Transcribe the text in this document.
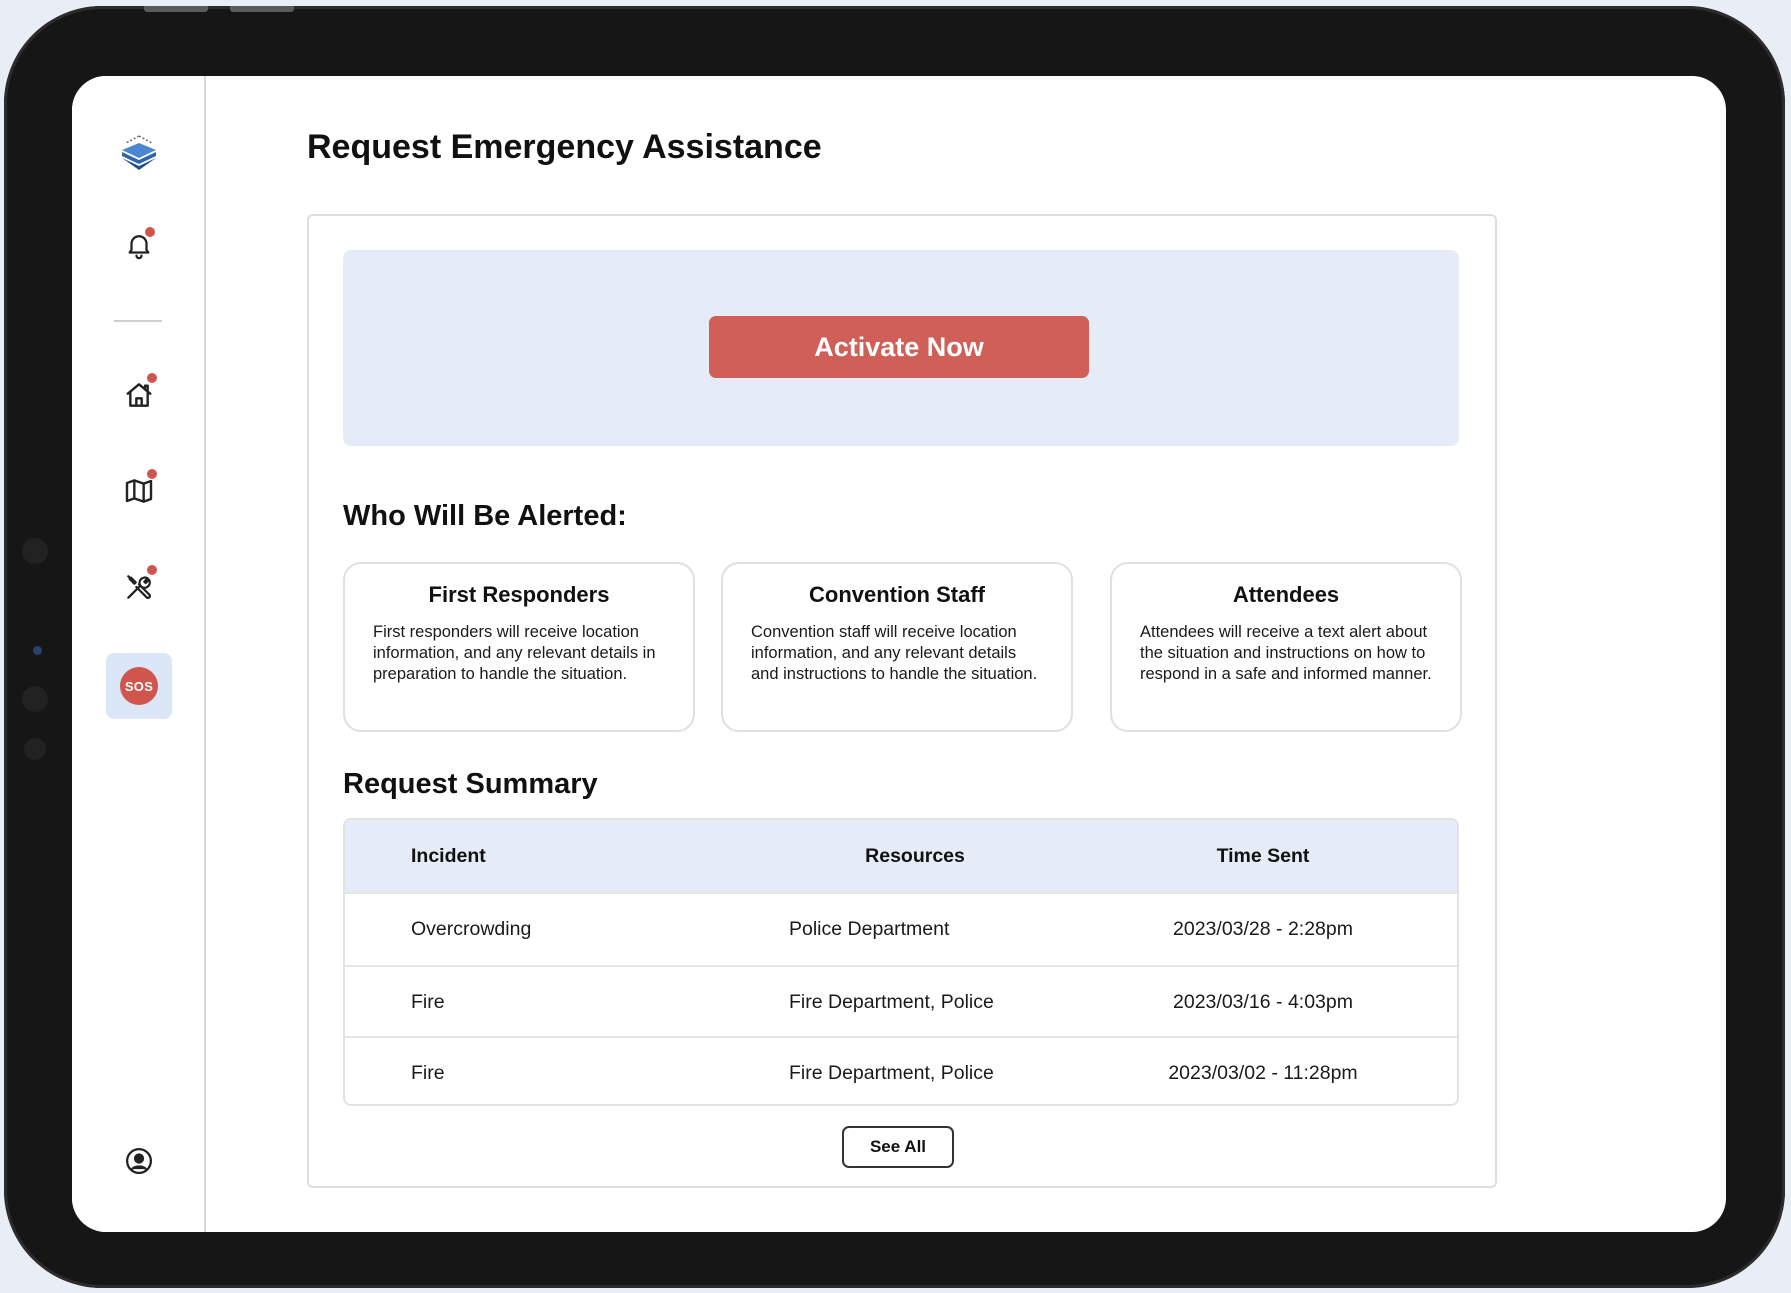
SOS
Request Emergency Assistance
Activate Now
Who Will Be Alerted:
First Responders

First responders will receive location information, and any relevant details in preparation to handle the situation.

Convention Staff

Convention staff will receive location information, and any relevant details and instructions to handle the situation.

Attendees

Attendees will receive a text alert about the situation and instructions on how to respond in a safe and informed manner.

Request Summary
Incident	Resources	Time Sent
Overcrowding	Police Department	2023/03/28 - 2:28pm
Fire	Fire Department, Police	2023/03/16 - 4:03pm
Fire	Fire Department, Police	2023/03/02 - 11:28pm
See All
